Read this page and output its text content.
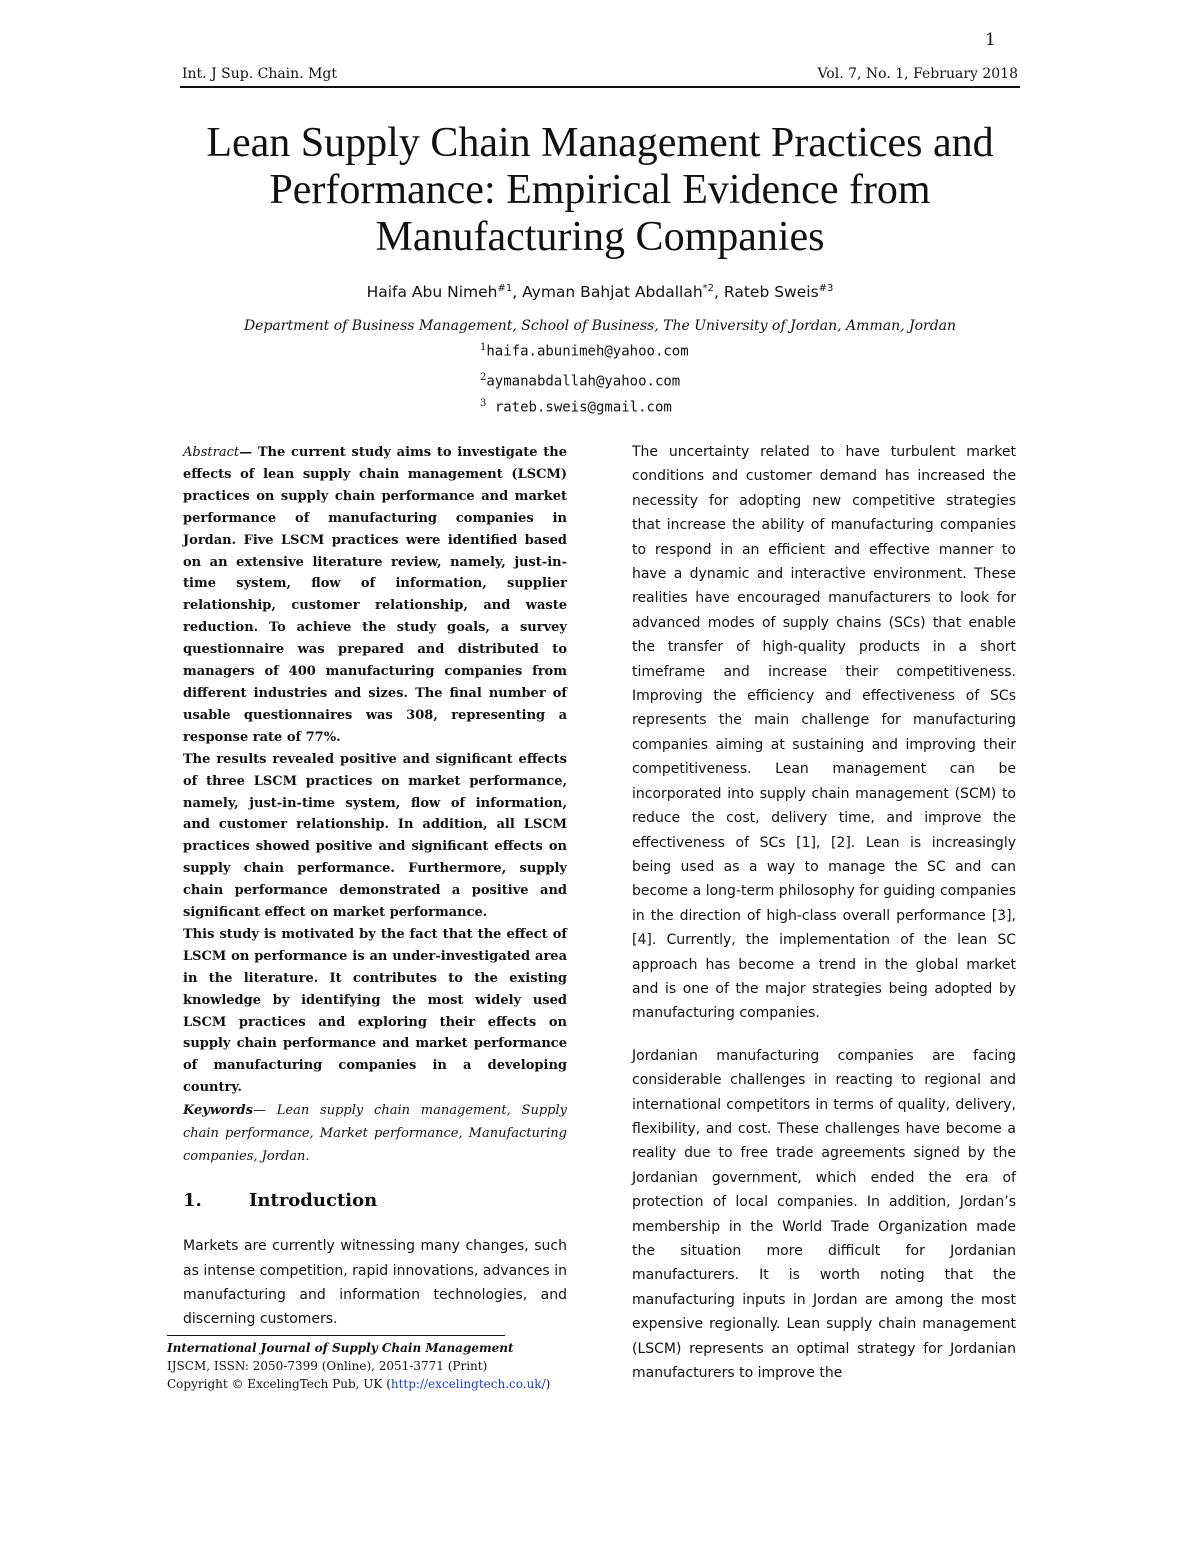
1
Int. J Sup. Chain. Mgt	Vol. 7, No. 1, February 2018
Lean Supply Chain Management Practices and Performance: Empirical Evidence from Manufacturing Companies
Haifa Abu Nimeh$^{\#1}$, Ayman Bahjat Abdallah$^{*2}$, Rateb Sweis$^{\#3}$
Department of Business Management, School of Business, The University of Jordan, Amman, Jordan
$^1$haifa.abunimeh@yahoo.com
$^2$aymanabdallah@yahoo.com
$^3$ rateb.sweis@gmail.com

Abstract— The current study aims to investigate the effects of lean supply chain management (LSCM) practices on supply chain performance and market performance of manufacturing companies in Jordan. Five LSCM practices were identified based on an extensive literature review, namely, just-in-time system, flow of information, supplier relationship, customer relationship, and waste reduction. To achieve the study goals, a survey questionnaire was prepared and distributed to managers of 400 manufacturing companies from different industries and sizes. The final number of usable questionnaires was 308, representing a response rate of 77%.

The results revealed positive and significant effects of three LSCM practices on market performance, namely, just-in-time system, flow of information, and customer relationship. In addition, all LSCM practices showed positive and significant effects on supply chain performance. Furthermore, supply chain performance demonstrated a positive and significant effect on market performance.

This study is motivated by the fact that the effect of LSCM on performance is an under-investigated area in the literature. It contributes to the existing knowledge by identifying the most widely used LSCM practices and exploring their effects on supply chain performance and market performance of manufacturing companies in a developing country.

Keywords— Lean supply chain management, Supply chain performance, Market performance, Manufacturing companies, Jordan.

1.	Introduction

Markets are currently witnessing many changes, such as intense competition, rapid innovations, advances in manufacturing and information technologies, and discerning customers.

The uncertainty related to have turbulent market conditions and customer demand has increased the necessity for adopting new competitive strategies that increase the ability of manufacturing companies to respond in an efficient and effective manner to have a dynamic and interactive environment. These realities have encouraged manufacturers to look for advanced modes of supply chains (SCs) that enable the transfer of high-quality products in a short timeframe and increase their competitiveness. Improving the efficiency and effectiveness of SCs represents the main challenge for manufacturing companies aiming at sustaining and improving their competitiveness. Lean management can be incorporated into supply chain management (SCM) to reduce the cost, delivery time, and improve the effectiveness of SCs [1], [2]. Lean is increasingly being used as a way to manage the SC and can become a long-term philosophy for guiding companies in the direction of high-class overall performance [3], [4]. Currently, the implementation of the lean SC approach has become a trend in the global market and is one of the major strategies being adopted by manufacturing companies.

Jordanian manufacturing companies are facing considerable challenges in reacting to regional and international competitors in terms of quality, delivery, flexibility, and cost. These challenges have become a reality due to free trade agreements signed by the Jordanian government, which ended the era of protection of local companies. In addition, Jordan’s membership in the World Trade Organization made the situation more difficult for Jordanian manufacturers. It is worth noting that the manufacturing inputs in Jordan are among the most expensive regionally. Lean supply chain management (LSCM) represents an optimal strategy for Jordanian manufacturers to improve the

International Journal of Supply Chain Management
IJSCM, ISSN: 2050-7399 (Online), 2051-3771 (Print)
Copyright © ExcelingTech Pub, UK (http://excelingtech.co.uk/)
